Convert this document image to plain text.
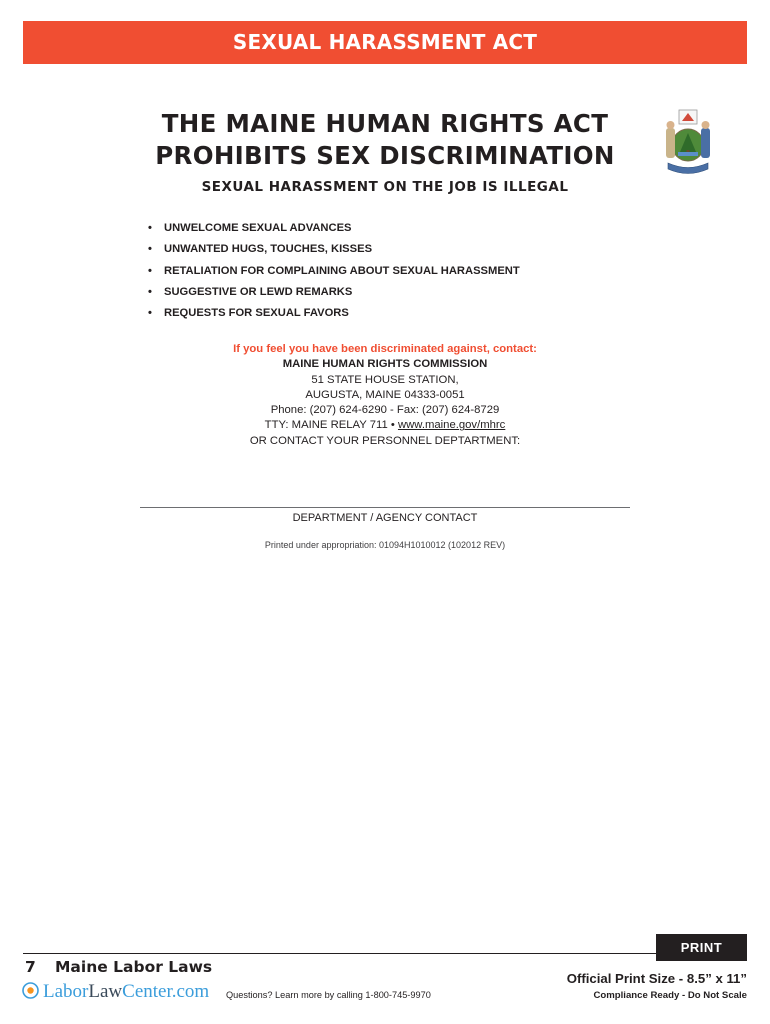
SEXUAL HARASSMENT ACT
THE MAINE HUMAN RIGHTS ACT
PROHIBITS SEX DISCRIMINATION
SEXUAL HARASSMENT ON THE JOB IS ILLEGAL
• UNWELCOME SEXUAL ADVANCES
• UNWANTED HUGS, TOUCHES, KISSES
• RETALIATION FOR COMPLAINING ABOUT SEXUAL HARASSMENT
• SUGGESTIVE OR LEWD REMARKS
• REQUESTS FOR SEXUAL FAVORS
If you feel you have been discriminated against, contact:
MAINE HUMAN RIGHTS COMMISSION
51 STATE HOUSE STATION,
AUGUSTA, MAINE 04333-0051
Phone: (207) 624-6290 - Fax: (207) 624-8729
TTY: MAINE RELAY 711 • www.maine.gov/mhrc
OR CONTACT YOUR PERSONNEL DEPTARTMENT:
DEPARTMENT / AGENCY CONTACT
Printed under appropriation: 01094H1010012 (102012 REV)
PRINT
7 Maine Labor Laws
LaborLawCenter.com Questions? Learn more by calling 1-800-745-9970
Official Print Size - 8.5” x 11”
Compliance Ready - Do Not Scale
